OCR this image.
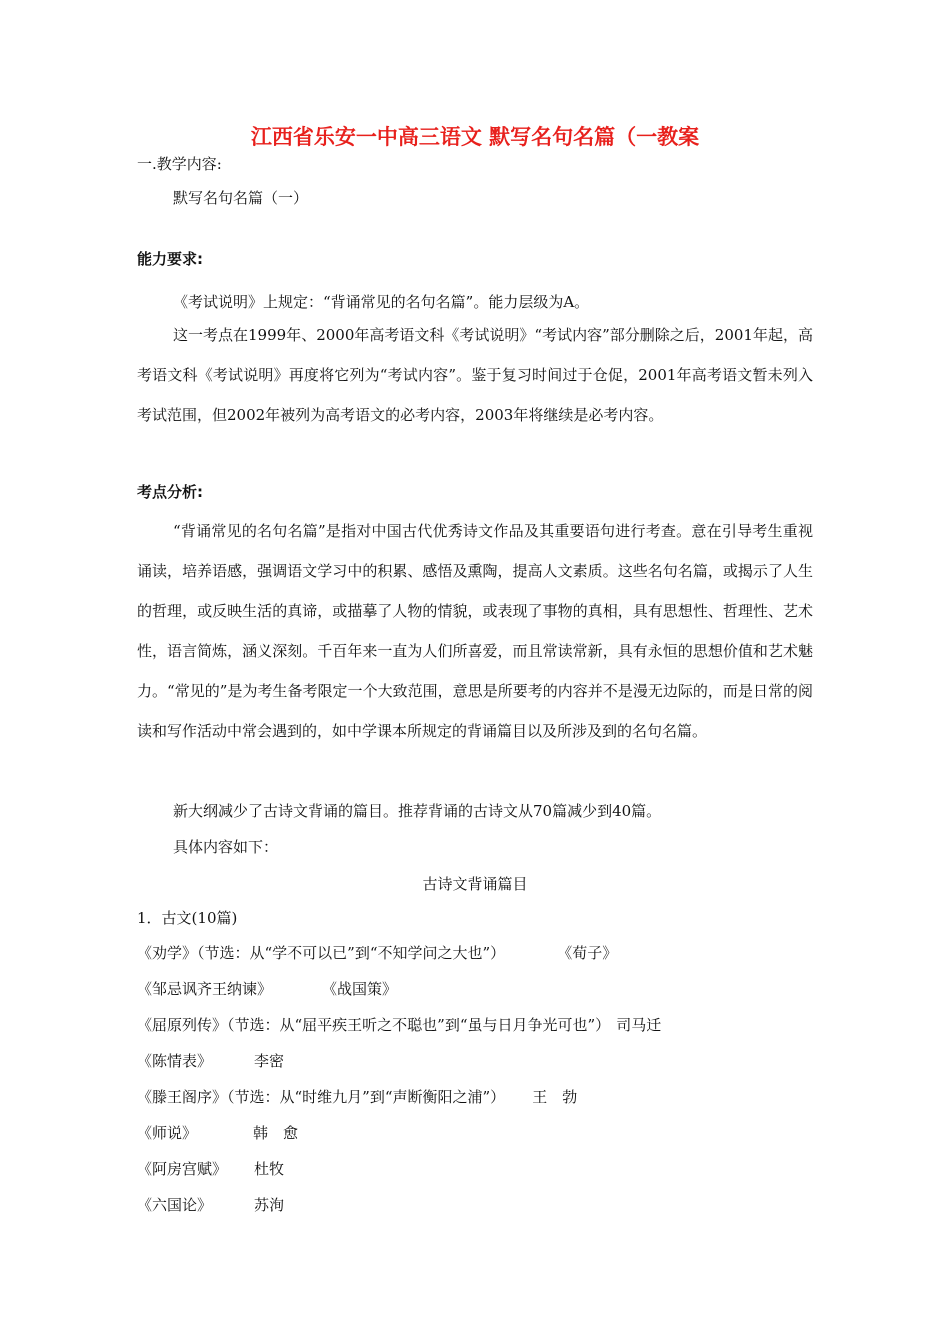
江西省乐安一中高三语文 默写名句名篇（一教案
一.教学内容:
默写名句名篇（一）
能力要求:
《考试说明》上规定：“背诵常见的名句名篇”。能力层级为A。
这一考点在1999年、2000年高考语文科《考试说明》“考试内容”部分删除之后，2001年起，高考语文科《考试说明》再度将它列为“考试内容”。鉴于复习时间过于仓促，2001年高考语文暂未列入考试范围，但2002年被列为高考语文的必考内容，2003年将继续是必考内容。
考点分析:
“背诵常见的名句名篇”是指对中国古代优秀诗文作品及其重要语句进行考查。意在引导考生重视诵读，培养语感，强调语文学习中的积累、感悟及熏陶，提高人文素质。这些名句名篇，或揭示了人生的哲理，或反映生活的真谛，或描摹了人物的情貌，或表现了事物的真相，具有思想性、哲理性、艺术性，语言简炼，涵义深刻。千百年来一直为人们所喜爱，而且常读常新，具有永恒的思想价值和艺术魅力。“常见的”是为考生备考限定一个大致范围，意思是所要考的内容并不是漫无边际的，而是日常的阅读和写作活动中常会遇到的，如中学课本所规定的背诵篇目以及所涉及到的名句名篇。
新大纲减少了古诗文背诵的篇目。推荐背诵的古诗文从70篇减少到40篇。
具体内容如下：
古诗文背诵篇目
1．古文(10篇)
《劝学》（节选：从“学不可以已”到“不知学问之大也”）	《荀子》
《邹忌讽齐王纳谏》	《战国策》
《屈原列传》（节选：从“屈平疾王听之不聪也”到“虽与日月争光可也”） 司马迁
《陈情表》	李密
《滕王阁序》（节选：从“时维九月”到“声断衡阳之浦”） 王　勃
《师说》	韩　愈
《阿房宫赋》 杜牧
《六国论》	苏洵
